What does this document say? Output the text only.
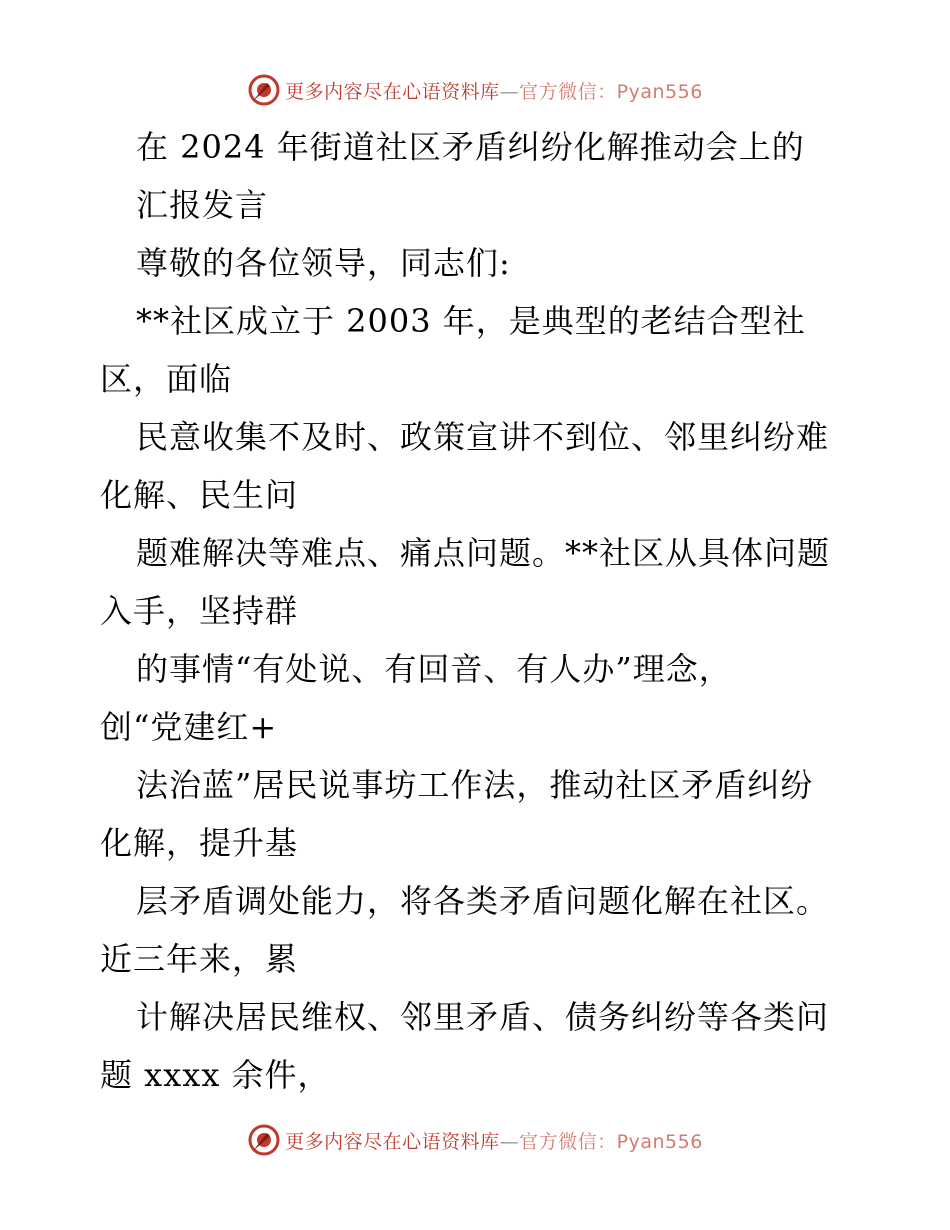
更多内容尽在心语资料库—官方微信：Pyan556
在 2024 年街道社区矛盾纠纷化解推动会上的
汇报发言
尊敬的各位领导，同志们:
**社区成立于 2003 年，是典型的老结合型社
区，面临
民意收集不及时、政策宣讲不到位、邻里纠纷难
化解、民生问
题难解决等难点、痛点问题。**社区从具体问题
入手，坚持群
的事情“有处说、有回音、有人办”理念，
创“党建红+
法治蓝”居民说事坊工作法，推动社区矛盾纠纷
化解，提升基
层矛盾调处能力，将各类矛盾问题化解在社区。
近三年来，累
计解决居民维权、邻里矛盾、债务纠纷等各类问
题 xxxx 余件，
更多内容尽在心语资料库—官方微信：Pyan556
